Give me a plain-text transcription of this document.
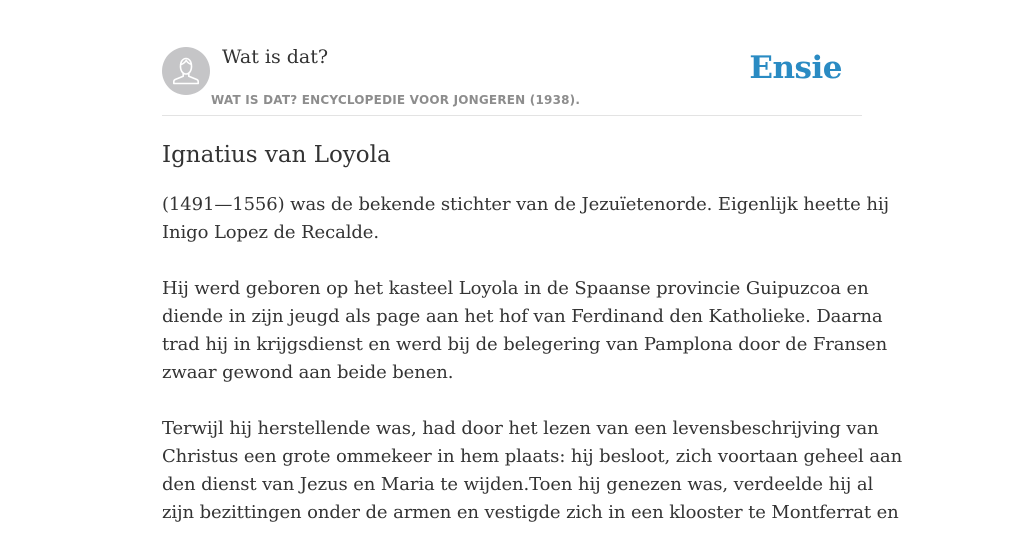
Wat is dat?
WAT IS DAT? ENCYCLOPEDIE VOOR JONGEREN (1938).
Ensie
Ignatius van Loyola

(1491—1556) was de bekende stichter van de Jezuïetenorde. Eigenlijk heette hij
Inigo Lopez de Recalde.

Hij werd geboren op het kasteel Loyola in de Spaanse provincie Guipuzcoa en
diende in zijn jeugd als page aan het hof van Ferdinand den Katholieke. Daarna
trad hij in krijgsdienst en werd bij de belegering van Pamplona door de Fransen
zwaar gewond aan beide benen.

Terwijl hij herstellende was, had door het lezen van een levensbeschrijving van
Christus een grote ommekeer in hem plaats: hij besloot, zich voortaan geheel aan
den dienst van Jezus en Maria te wijden.Toen hij genezen was, verdeelde hij al
zijn bezittingen onder de armen en vestigde zich in een klooster te Montferrat en
